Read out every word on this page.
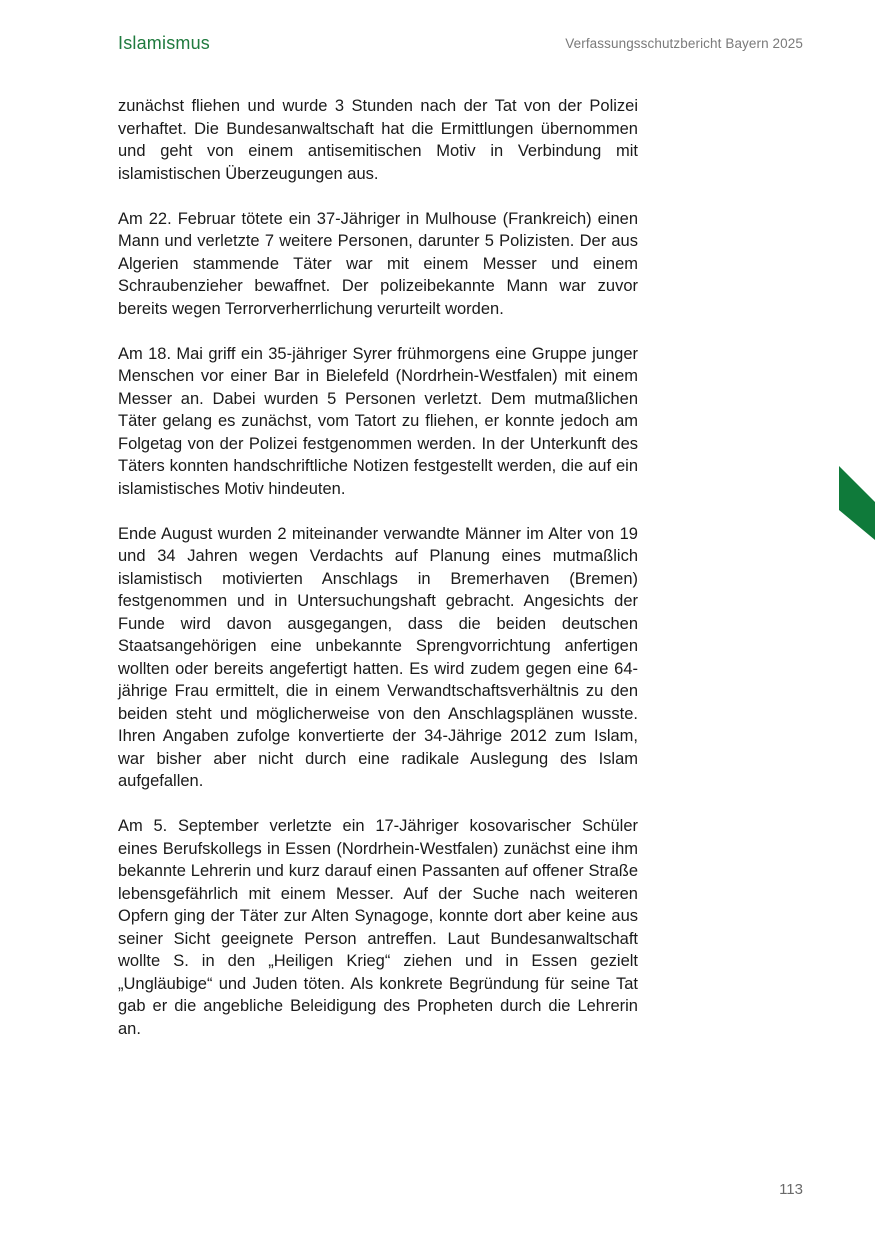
Islamismus	Verfassungsschutzbericht Bayern 2025

zunächst fliehen und wurde 3 Stunden nach der Tat von der Polizei verhaftet. Die Bundesanwaltschaft hat die Ermittlungen übernommen und geht von einem antisemitischen Motiv in Verbindung mit islamistischen Überzeugungen aus.

Am 22. Februar tötete ein 37-Jähriger in Mulhouse (Frankreich) einen Mann und verletzte 7 weitere Personen, darunter 5 Polizisten. Der aus Algerien stammende Täter war mit einem Messer und einem Schraubenzieher bewaffnet. Der polizeibekannte Mann war zuvor bereits wegen Terrorverherrlichung verurteilt worden.

Am 18. Mai griff ein 35-jähriger Syrer frühmorgens eine Gruppe junger Menschen vor einer Bar in Bielefeld (Nordrhein-Westfalen) mit einem Messer an. Dabei wurden 5 Personen verletzt. Dem mutmaßlichen Täter gelang es zunächst, vom Tatort zu fliehen, er konnte jedoch am Folgetag von der Polizei festgenommen werden. In der Unterkunft des Täters konnten handschriftliche Notizen festgestellt werden, die auf ein islamistisches Motiv hindeuten.

Ende August wurden 2 miteinander verwandte Männer im Alter von 19 und 34 Jahren wegen Verdachts auf Planung eines mutmaßlich islamistisch motivierten Anschlags in Bremerhaven (Bremen) festgenommen und in Untersuchungshaft gebracht. Angesichts der Funde wird davon ausgegangen, dass die beiden deutschen Staatsangehörigen eine unbekannte Sprengvorrichtung anfertigen wollten oder bereits angefertigt hatten. Es wird zudem gegen eine 64-jährige Frau ermittelt, die in einem Verwandtschaftsverhältnis zu den beiden steht und möglicherweise von den Anschlagsplänen wusste. Ihren Angaben zufolge konvertierte der 34-Jährige 2012 zum Islam, war bisher aber nicht durch eine radikale Auslegung des Islam aufgefallen.

Am 5. September verletzte ein 17-Jähriger kosovarischer Schüler eines Berufskollegs in Essen (Nordrhein-Westfalen) zunächst eine ihm bekannte Lehrerin und kurz darauf einen Passanten auf offener Straße lebensgefährlich mit einem Messer. Auf der Suche nach weiteren Opfern ging der Täter zur Alten Synagoge, konnte dort aber keine aus seiner Sicht geeignete Person antreffen. Laut Bundesanwaltschaft wollte S. in den „Heiligen Krieg“ ziehen und in Essen gezielt „Ungläubige“ und Juden töten. Als konkrete Begründung für seine Tat gab er die angebliche Beleidigung des Propheten durch die Lehrerin an.

113
